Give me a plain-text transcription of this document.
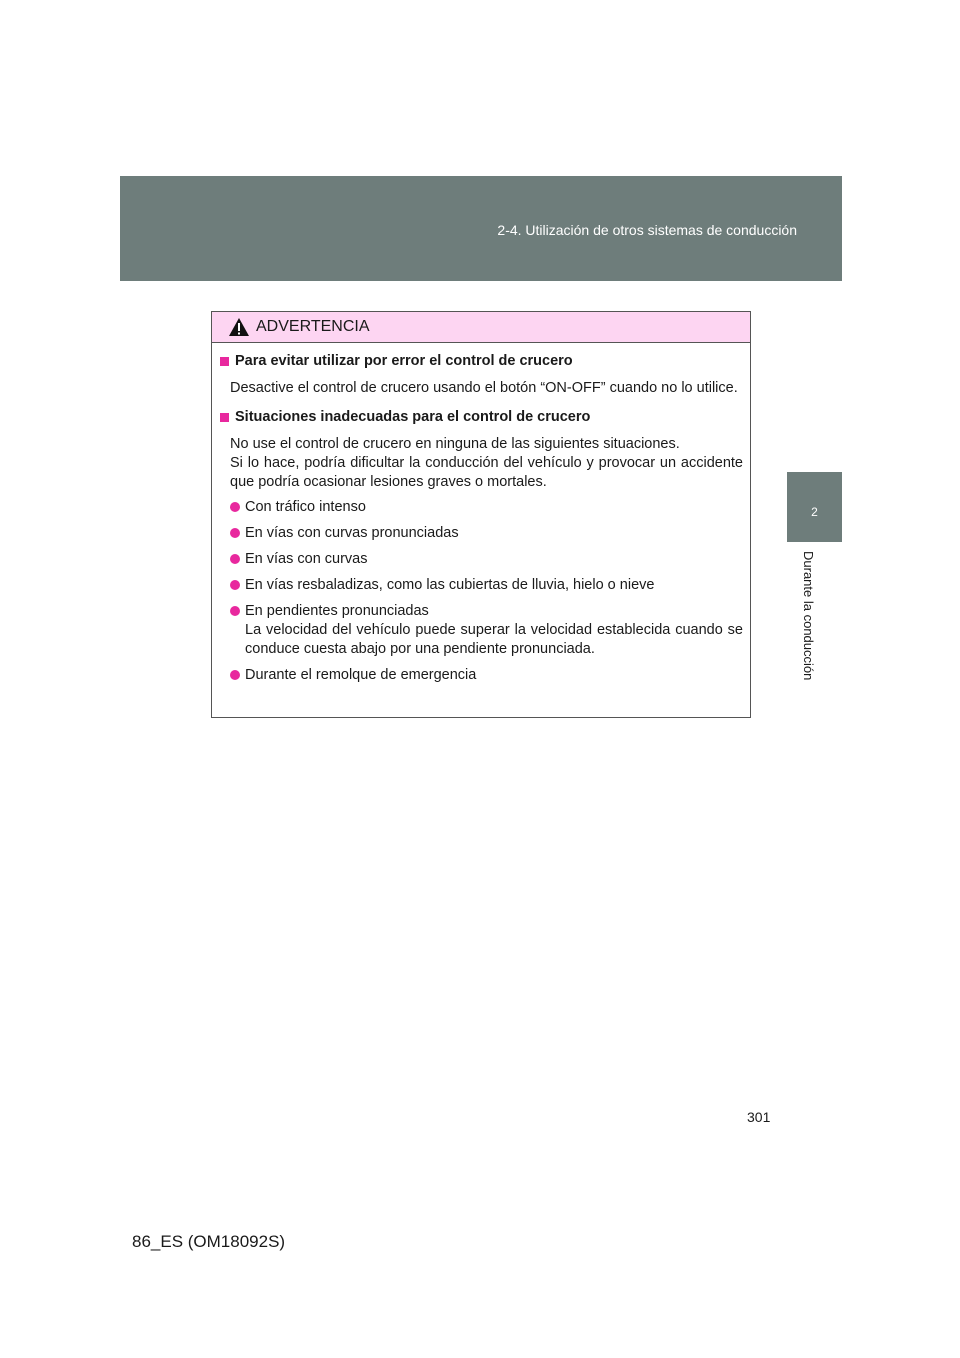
2-4. Utilización de otros sistemas de conducción
2
Durante la conducción
ADVERTENCIA
Para evitar utilizar por error el control de crucero
Desactive el control de crucero usando el botón “ON-OFF” cuando no lo utilice.
Situaciones inadecuadas para el control de crucero
No use el control de crucero en ninguna de las siguientes situaciones.
Si lo hace, podría dificultar la conducción del vehículo y provocar un accidente que podría ocasionar lesiones graves o mortales.
Con tráfico intenso
En vías con curvas pronunciadas
En vías con curvas
En vías resbaladizas, como las cubiertas de lluvia, hielo o nieve
En pendientes pronunciadas
La velocidad del vehículo puede superar la velocidad establecida cuando se conduce cuesta abajo por una pendiente pronunciada.
Durante el remolque de emergencia
301
86_ES (OM18092S)
